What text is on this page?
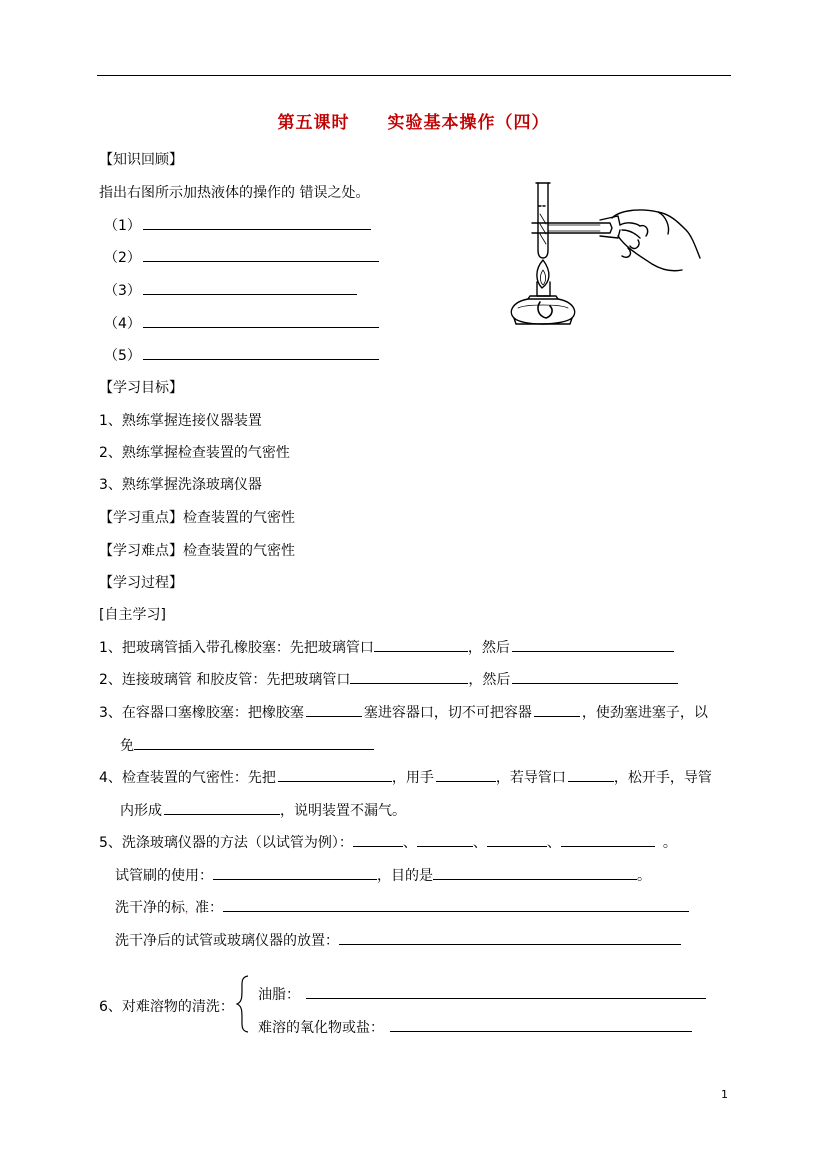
第五课时 实验基本操作（四）
【知识回顾】
指出右图所示加热液体的操作的 错误之处。
（1）
（2）
（3）
（4）
（5）
【学习目标】
1、熟练掌握连接仪器装置
2、熟练掌握检查装置的气密性
3、熟练掌握洗涤玻璃仪器
【学习重点】检查装置的气密性
【学习难点】检查装置的气密性
【学习过程】
[自主学习]
1、把玻璃管插入带孔橡胶塞：先把玻璃管口	，然后
2、连接玻璃管 和胶皮管：先把玻璃管口	，然后
3、在容器口塞橡胶塞：把橡胶塞	塞进容器口，切不可把容器	，使劲塞进塞子，以
免
4、检查装置的气密性：先把	，用手	，若导管口	，松开手，导管
内形成	，说明装置不漏气。
5、洗涤玻璃仪器的方法（以试管为例）：	、	、	、	。
试管刷的使用：	，目的是	。
洗干净的标，准：
洗干净后的试管或玻璃仪器的放置：
6、对难溶物的清洗：
油脂：
难溶的氧化物或盐：
1
